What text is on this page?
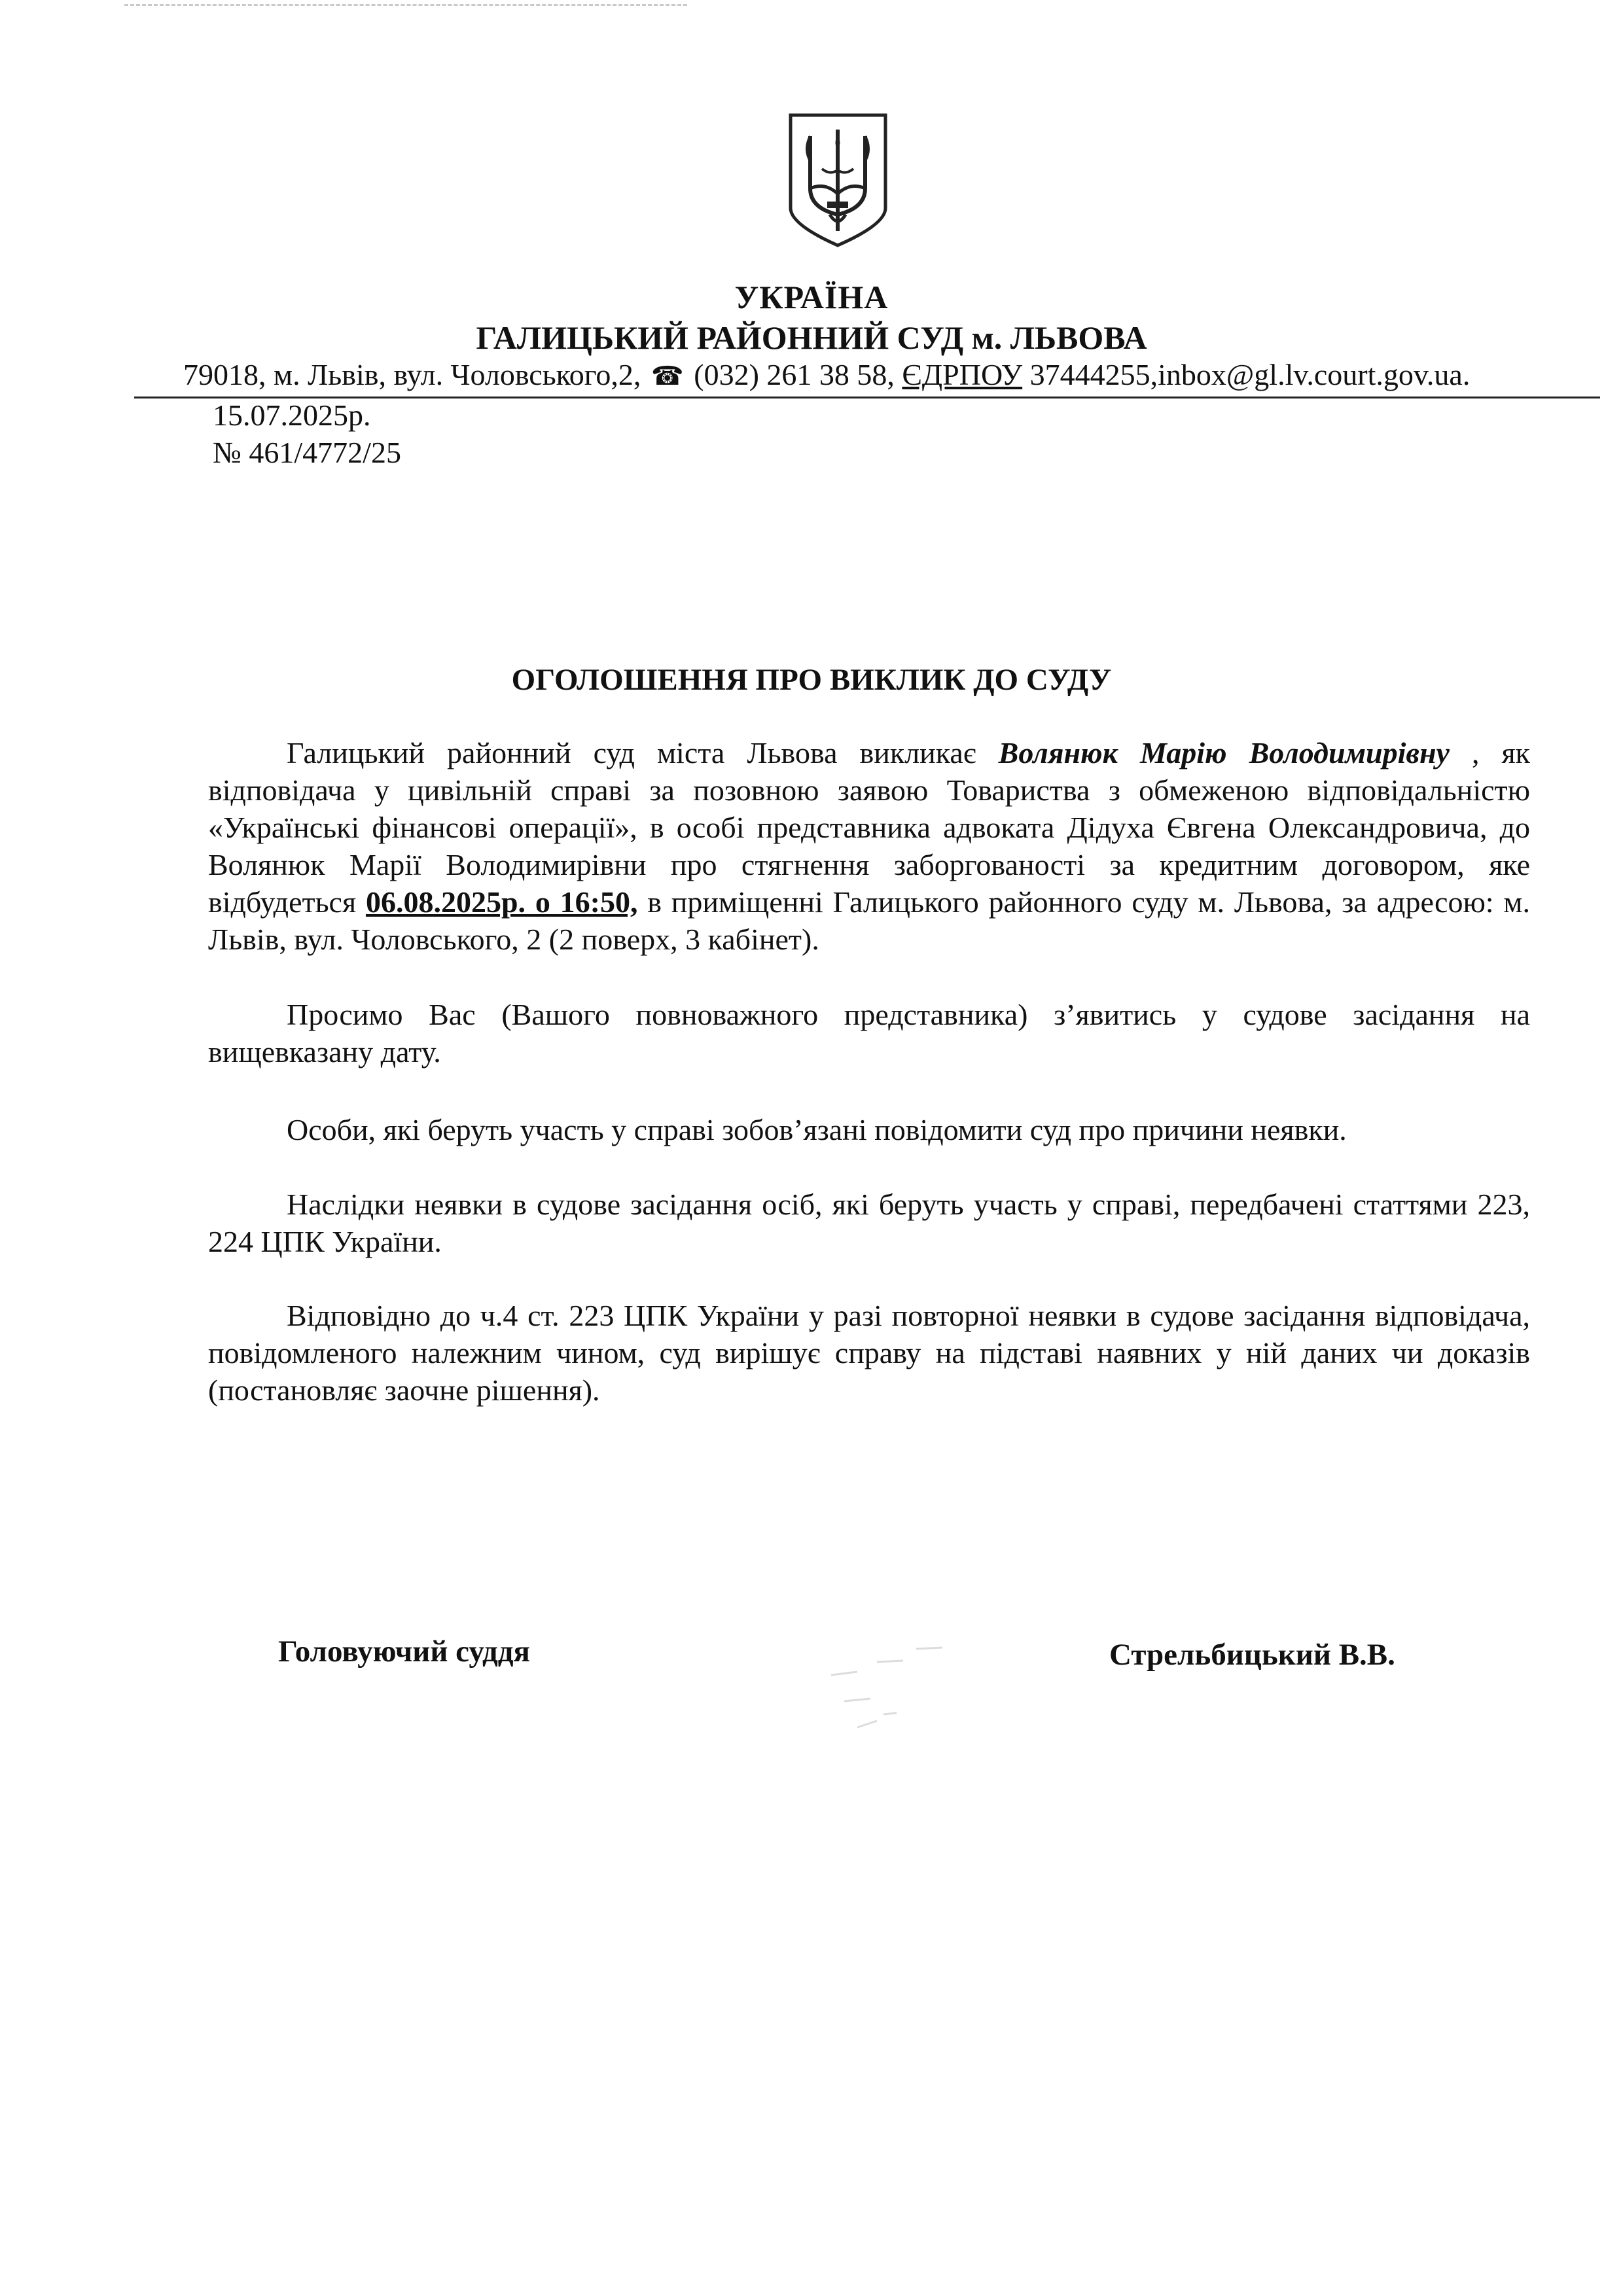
УКРАЇНА
ГАЛИЦЬКИЙ РАЙОННИЙ СУД м. ЛЬВОВА
79018, м. Львів, вул. Чоловського,2, ☎ (032) 261 38 58, ЄДРПОУ 37444255,inbox@gl.lv.court.gov.ua.
15.07.2025р.
№ 461/4772/25
ОГОЛОШЕННЯ ПРО ВИКЛИК ДО СУДУ
Галицький районний суд міста Львова викликає Волянюк Марію Володимирівну , як відповідача у цивільній справі за позовною заявою Товариства з обмеженою відповідальністю «Українські фінансові операції», в особі представника адвоката Дідуха Євгена Олександровича, до Волянюк Марії Володимирівни про стягнення заборгованості за кредитним договором, яке відбудеться 06.08.2025р. о 16:50, в приміщенні Галицького районного суду м. Львова, за адресою: м. Львів, вул. Чоловського, 2 (2 поверх, 3 кабінет).
Просимо Вас (Вашого повноважного представника) з’явитись у судове засідання на вищевказану дату.
Особи, які беруть участь у справі зобов’язані повідомити суд про причини неявки.
Наслідки неявки в судове засідання осіб, які беруть участь у справі, передбачені статтями 223, 224 ЦПК України.
Відповідно до ч.4 ст. 223 ЦПК України у разі повторної неявки в судове засідання відповідача, повідомленого належним чином, суд вирішує справу на підставі наявних у ній даних чи доказів (постановляє заочне рішення).
Головуючий суддя	Стрельбицький В.В.
